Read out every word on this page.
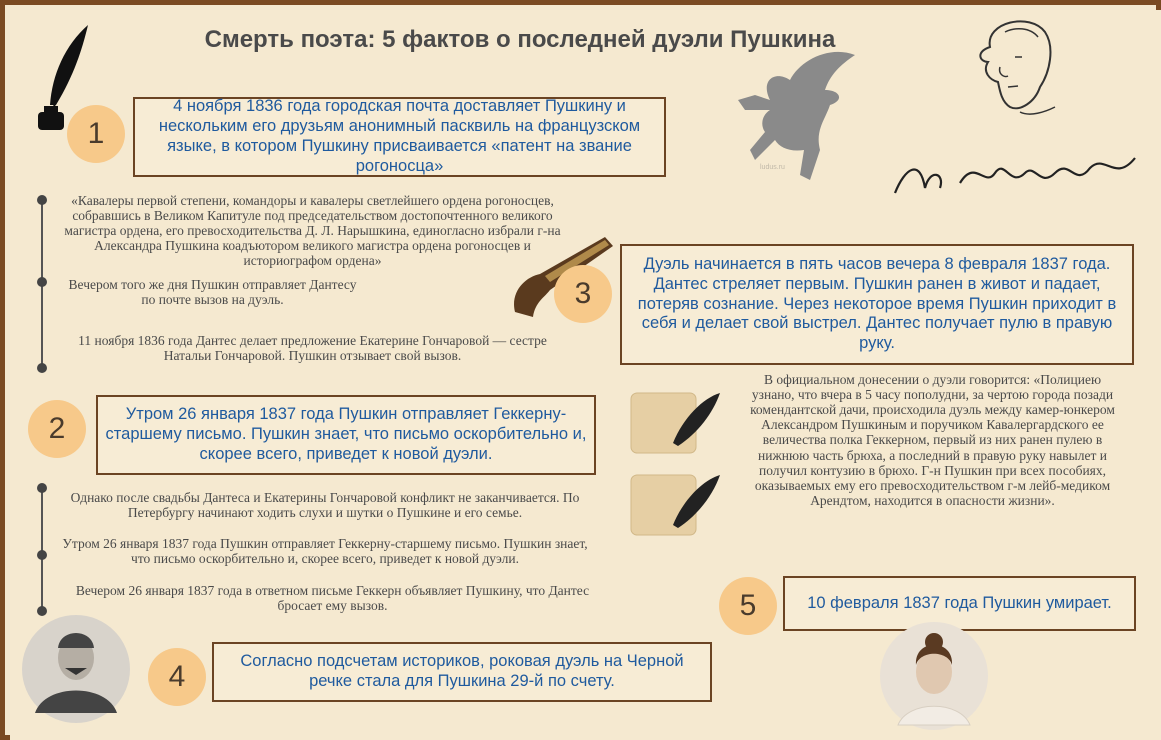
Смерть поэта: 5 фактов о последней дуэли Пушкина
ludus.ru
1
4 ноября 1836 года городская почта доставляет Пушкину и нескольким его друзьям анонимный пасквиль на французском языке, в котором Пушкину присваивается «патент на звание рогоносца»
«Кавалеры первой степени, командоры и кавалеры светлейшего ордена рогоносцев, собравшись в Великом Капитуле под председательством достопочтенного великого магистра ордена, его превосходительства Д. Л. Нарышкина, единогласно избрали г-на Александра Пушкина коадъютором великого магистра ордена рогоносцев и историографом ордена»
Вечером того же дня Пушкин отправляет Дантесу по почте вызов на дуэль.
11 ноября 1836 года Дантес делает предложение Екатерине Гончаровой — сестре Натальи Гончаровой. Пушкин отзывает свой вызов.
3
Дуэль начинается в пять часов вечера 8 февраля 1837 года. Дантес стреляет первым. Пушкин ранен в живот и падает, потеряв сознание. Через некоторое время Пушкин приходит в себя и делает свой выстрел. Дантес получает пулю в правую руку.
2	Утром 26 января 1837 года Пушкин отправляет Геккерну-старшему письмо. Пушкин знает, что письмо оскорбительно и, скорее всего, приведет к новой дуэли.
Однако после свадьбы Дантеса и Екатерины Гончаровой конфликт не заканчивается. По Петербургу начинают ходить слухи и шутки о Пушкине и его семье.
Утром 26 января 1837 года Пушкин отправляет Геккерну-старшему письмо. Пушкин знает, что письмо оскорбительно и, скорее всего, приведет к новой дуэли.
Вечером 26 января 1837 года в ответном письме Геккерн объявляет Пушкину, что Дантес бросает ему вызов.
В официальном донесении о дуэли говорится: «Полициею узнано, что вчера в 5 часу пополудни, за чертою города позади комендантской дачи, происходила дуэль между камер-юнкером Александром Пушкиным и поручиком Кавалергардского ее величества полка Геккерном, первый из них ранен пулею в нижнюю часть брюха, а последний в правую руку навылет и получил контузию в брюхо. Г-н Пушкин при всех пособиях, оказываемых ему его превосходительством г-м лейб-медиком Арендтом, находится в опасности жизни».
5	10 февраля 1837 года Пушкин умирает.
4	Согласно подсчетам историков, роковая дуэль на Черной речке стала для Пушкина 29-й по счету.
